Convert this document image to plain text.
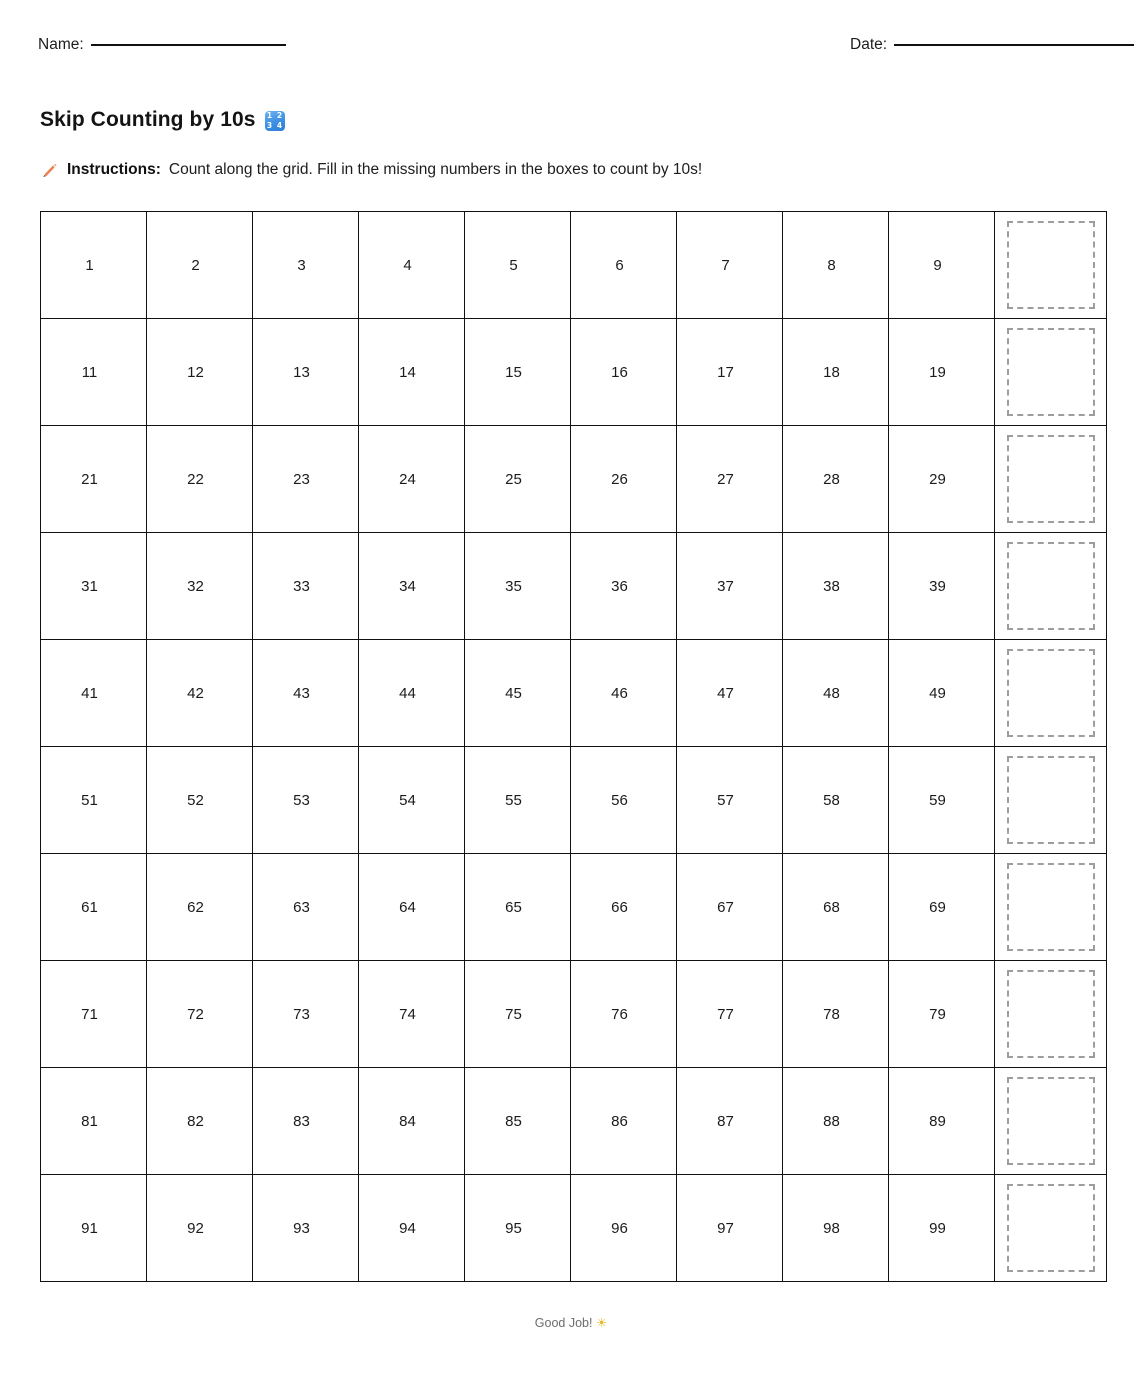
Name:	Date:
Skip Counting by 10s 1 2
3 4
Instructions: Count along the grid. Fill in the missing numbers in the boxes to count by 10s!
1	2	3	4	5	6	7	8	9	

11	12	13	14	15	16	17	18	19	

21	22	23	24	25	26	27	28	29	

31	32	33	34	35	36	37	38	39	

41	42	43	44	45	46	47	48	49	

51	52	53	54	55	56	57	58	59	

61	62	63	64	65	66	67	68	69	

71	72	73	74	75	76	77	78	79	

81	82	83	84	85	86	87	88	89	

91	92	93	94	95	96	97	98	99	

Good Job! ☀
